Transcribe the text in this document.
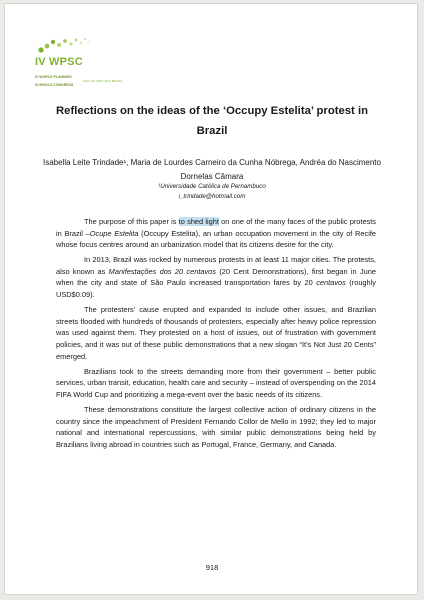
IV WPSC

IV WORLD PLANNING

SCHOOLS CONGRESS

JULY 4-8 2016 | RIO, BRAZIL
Reflections on the ideas of the ‘Occupy Estelita’ protest in
Brazil
Isabella Leite Trindade¹, Maria de Lourdes Carneiro da Cunha Nóbrega, Andréa do Nascimento Dornelas Câmara
¹Universidade Católica de Pernambuco
i_trindade@hotmail.com

The purpose of this paper is to shed light on one of the many faces of the public protests in Brazil –Ocupe Estelita (Occupy Estelita), an urban occupation movement in the city of Recife whose focus centres around an urbanization model that its citizens desire for the city.

In 2013, Brazil was rocked by numerous protests in at least 11 major cities. The protests, also known as Manifestações dos 20 centavos (20 Cent Demonstrations), first began in June when the city and state of São Paulo increased transportation fares by 20 centavos (roughly USD$0.09).

The protesters’ cause erupted and expanded to include other issues, and Brazilian streets flooded with hundreds of thousands of protesters, especially after heavy police repression was used against them. They protested on a host of issues, out of frustration with government policies, and it was out of these public demonstrations that a new slogan “It’s Not Just 20 Cents” emerged.

Brazilians took to the streets demanding more from their government – better public services, urban transit, education, health care and security – instead of overspending on the 2014 FIFA World Cup and prioritizing a mega-event over the basic needs of its citizens.

These demonstrations constitute the largest collective action of ordinary citizens in the country since the impeachment of President Fernando Collor de Mello in 1992; they led to major national and international repercussions, with similar public demonstrations being held by Brazilians living abroad in countries such as Portugal, France, Germany, and Canada.

918
